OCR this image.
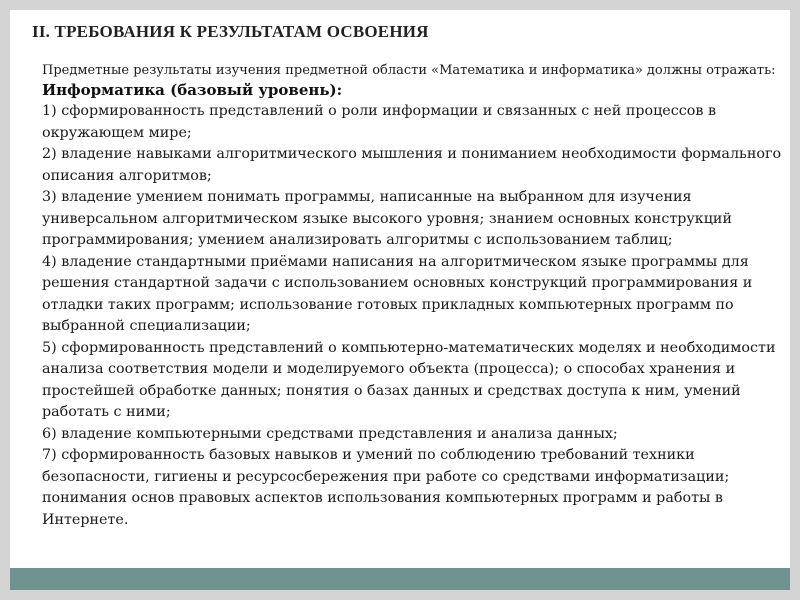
II. ТРЕБОВАНИЯ К РЕЗУЛЬТАТАМ ОСВОЕНИЯ

Предметные результаты изучения предметной области «Математика и информатика» должны отражать:

Информатика (базовый уровень):

1) сформированность представлений о роли информации и связанных с ней процессов в окружающем мире;
2) владение навыками алгоритмического мышления и пониманием необходимости формального описания алгоритмов;
3) владение умением понимать программы, написанные на выбранном для изучения универсальном алгоритмическом языке высокого уровня; знанием основных конструкций программирования; умением анализировать алгоритмы с использованием таблиц;
4) владение стандартными приёмами написания на алгоритмическом языке программы для решения стандартной задачи с использованием основных конструкций программирования и отладки таких программ; использование готовых прикладных компьютерных программ по выбранной специализации;
5) сформированность представлений о компьютерно-математических моделях и необходимости анализа соответствия модели и моделируемого объекта (процесса); о способах хранения и простейшей обработке данных; понятия о базах данных и средствах доступа к ним, умений работать с ними;
6) владение компьютерными средствами представления и анализа данных;
7) сформированность базовых навыков и умений по соблюдению требований техники безопасности, гигиены и ресурсосбережения при работе со средствами информатизации; понимания основ правовых аспектов использования компьютерных программ и работы в Интернете.
